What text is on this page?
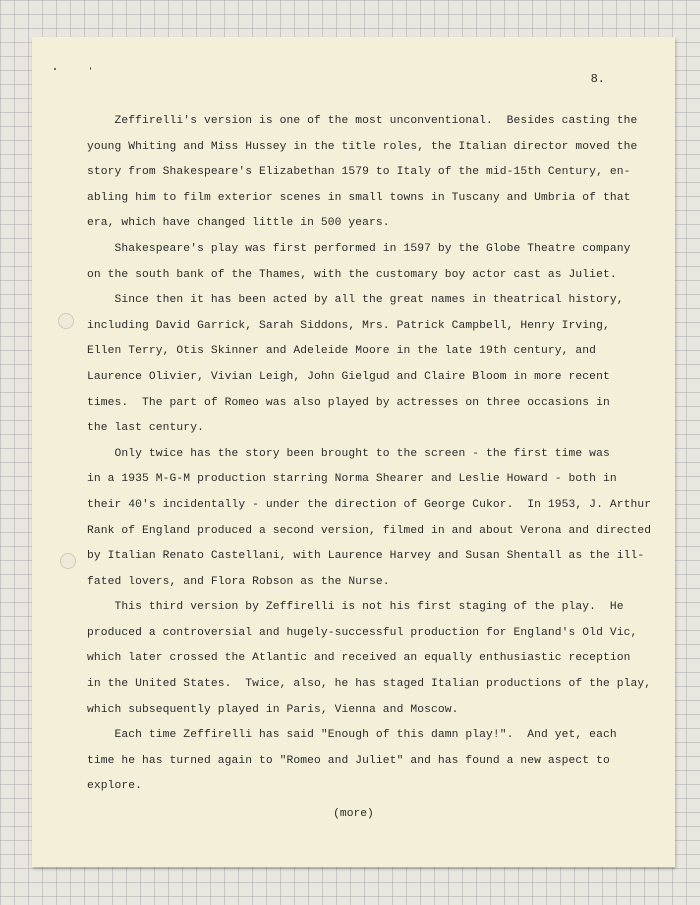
8.
Zeffirelli's version is one of the most unconventional.  Besides casting the
young Whiting and Miss Hussey in the title roles, the Italian director moved the
story from Shakespeare's Elizabethan 1579 to Italy of the mid-15th Century, en-
abling him to film exterior scenes in small towns in Tuscany and Umbria of that
era, which have changed little in 500 years.
Shakespeare's play was first performed in 1597 by the Globe Theatre company
on the south bank of the Thames, with the customary boy actor cast as Juliet.
Since then it has been acted by all the great names in theatrical history,
including David Garrick, Sarah Siddons, Mrs. Patrick Campbell, Henry Irving,
Ellen Terry, Otis Skinner and Adeleide Moore in the late 19th century, and
Laurence Olivier, Vivian Leigh, John Gielgud and Claire Bloom in more recent
times.  The part of Romeo was also played by actresses on three occasions in
the last century.
Only twice has the story been brought to the screen - the first time was
in a 1935 M-G-M production starring Norma Shearer and Leslie Howard - both in
their 40's incidentally - under the direction of George Cukor.  In 1953, J. Arthur
Rank of England produced a second version, filmed in and about Verona and directed
by Italian Renato Castellani, with Laurence Harvey and Susan Shentall as the ill-
fated lovers, and Flora Robson as the Nurse.
This third version by Zeffirelli is not his first staging of the play.  He
produced a controversial and hugely-successful production for England's Old Vic,
which later crossed the Atlantic and received an equally enthusiastic reception
in the United States.  Twice, also, he has staged Italian productions of the play,
which subsequently played in Paris, Vienna and Moscow.
Each time Zeffirelli has said "Enough of this damn play!".  And yet, each
time he has turned again to "Romeo and Juliet" and has found a new aspect to
explore.
(more)
